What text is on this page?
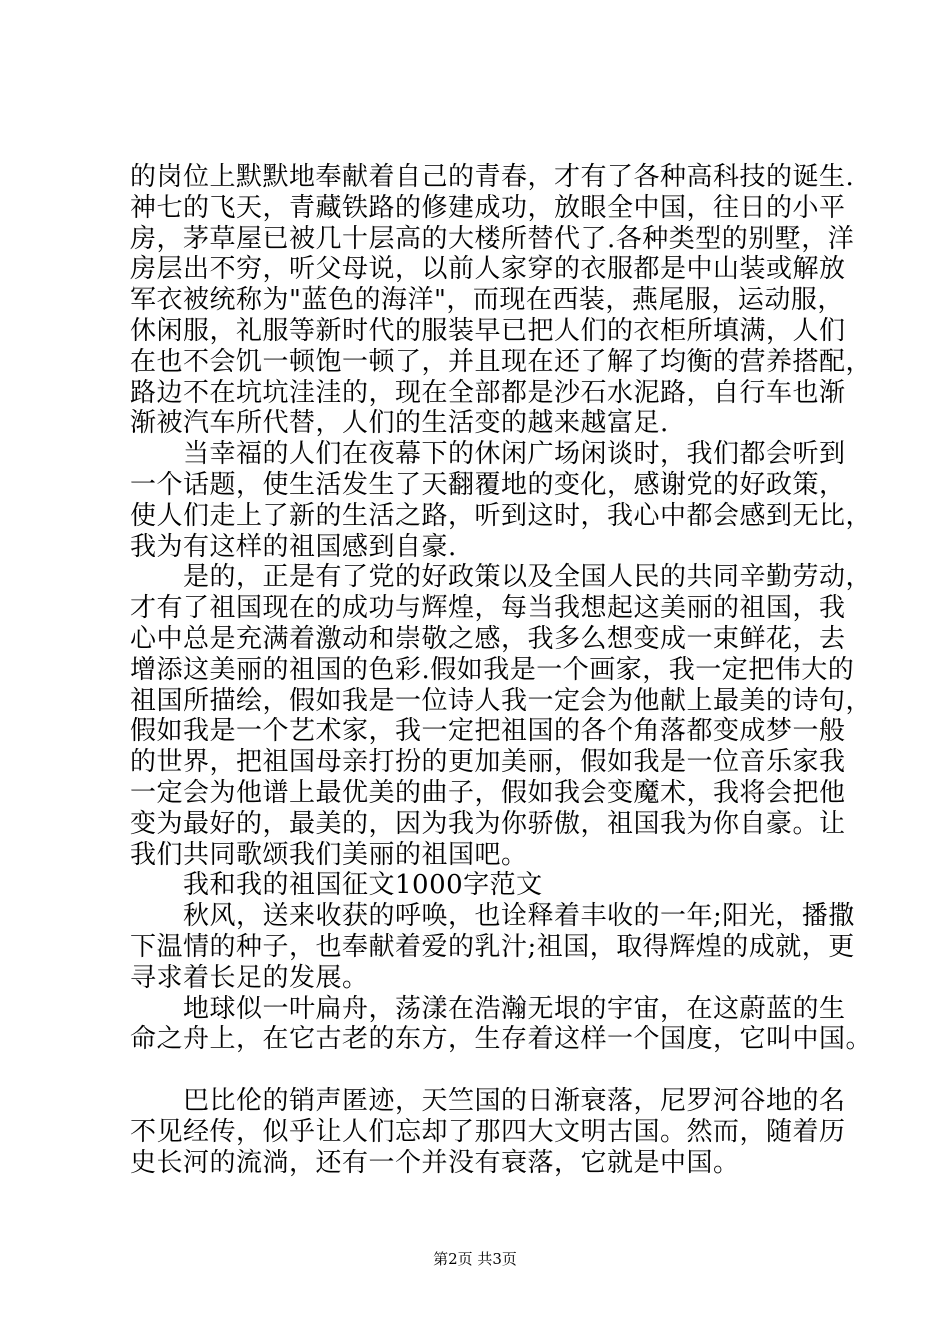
的岗位上默默地奉献着自己的青春，才有了各种高科技的诞生.
神七的飞天，青藏铁路的修建成功，放眼全中国，往日的小平
房，茅草屋已被几十层高的大楼所替代了.各种类型的别墅，洋
房层出不穷，听父母说，以前人家穿的衣服都是中山装或解放
军衣被统称为"蓝色的海洋"，而现在西装，燕尾服，运动服，
休闲服，礼服等新时代的服装早已把人们的衣柜所填满，人们
在也不会饥一顿饱一顿了，并且现在还了解了均衡的营养搭配，
路边不在坑坑洼洼的，现在全部都是沙石水泥路，自行车也渐
渐被汽车所代替，人们的生活变的越来越富足.
　　当幸福的人们在夜幕下的休闲广场闲谈时，我们都会听到
一个话题，使生活发生了天翻覆地的变化，感谢党的好政策，
使人们走上了新的生活之路，听到这时，我心中都会感到无比，
我为有这样的祖国感到自豪.
　　是的，正是有了党的好政策以及全国人民的共同辛勤劳动，
才有了祖国现在的成功与辉煌，每当我想起这美丽的祖国，我
心中总是充满着激动和崇敬之感，我多么想变成一束鲜花，去
增添这美丽的祖国的色彩.假如我是一个画家，我一定把伟大的
祖国所描绘，假如我是一位诗人我一定会为他献上最美的诗句，
假如我是一个艺术家，我一定把祖国的各个角落都变成梦一般
的世界，把祖国母亲打扮的更加美丽，假如我是一位音乐家我
一定会为他谱上最优美的曲子，假如我会变魔术，我将会把他
变为最好的，最美的，因为我为你骄傲，祖国我为你自豪。让
我们共同歌颂我们美丽的祖国吧。
　　我和我的祖国征文1000字范文
　　秋风，送来收获的呼唤，也诠释着丰收的一年;阳光，播撒
下温情的种子，也奉献着爱的乳汁;祖国，取得辉煌的成就，更
寻求着长足的发展。
　　地球似一叶扁舟，荡漾在浩瀚无垠的宇宙，在这蔚蓝的生
命之舟上，在它古老的东方，生存着这样一个国度，它叫中国。
　　巴比伦的销声匿迹，天竺国的日渐衰落，尼罗河谷地的名
不见经传，似乎让人们忘却了那四大文明古国。然而，随着历
史长河的流淌，还有一个并没有衰落，它就是中国。
第2页 共3页
